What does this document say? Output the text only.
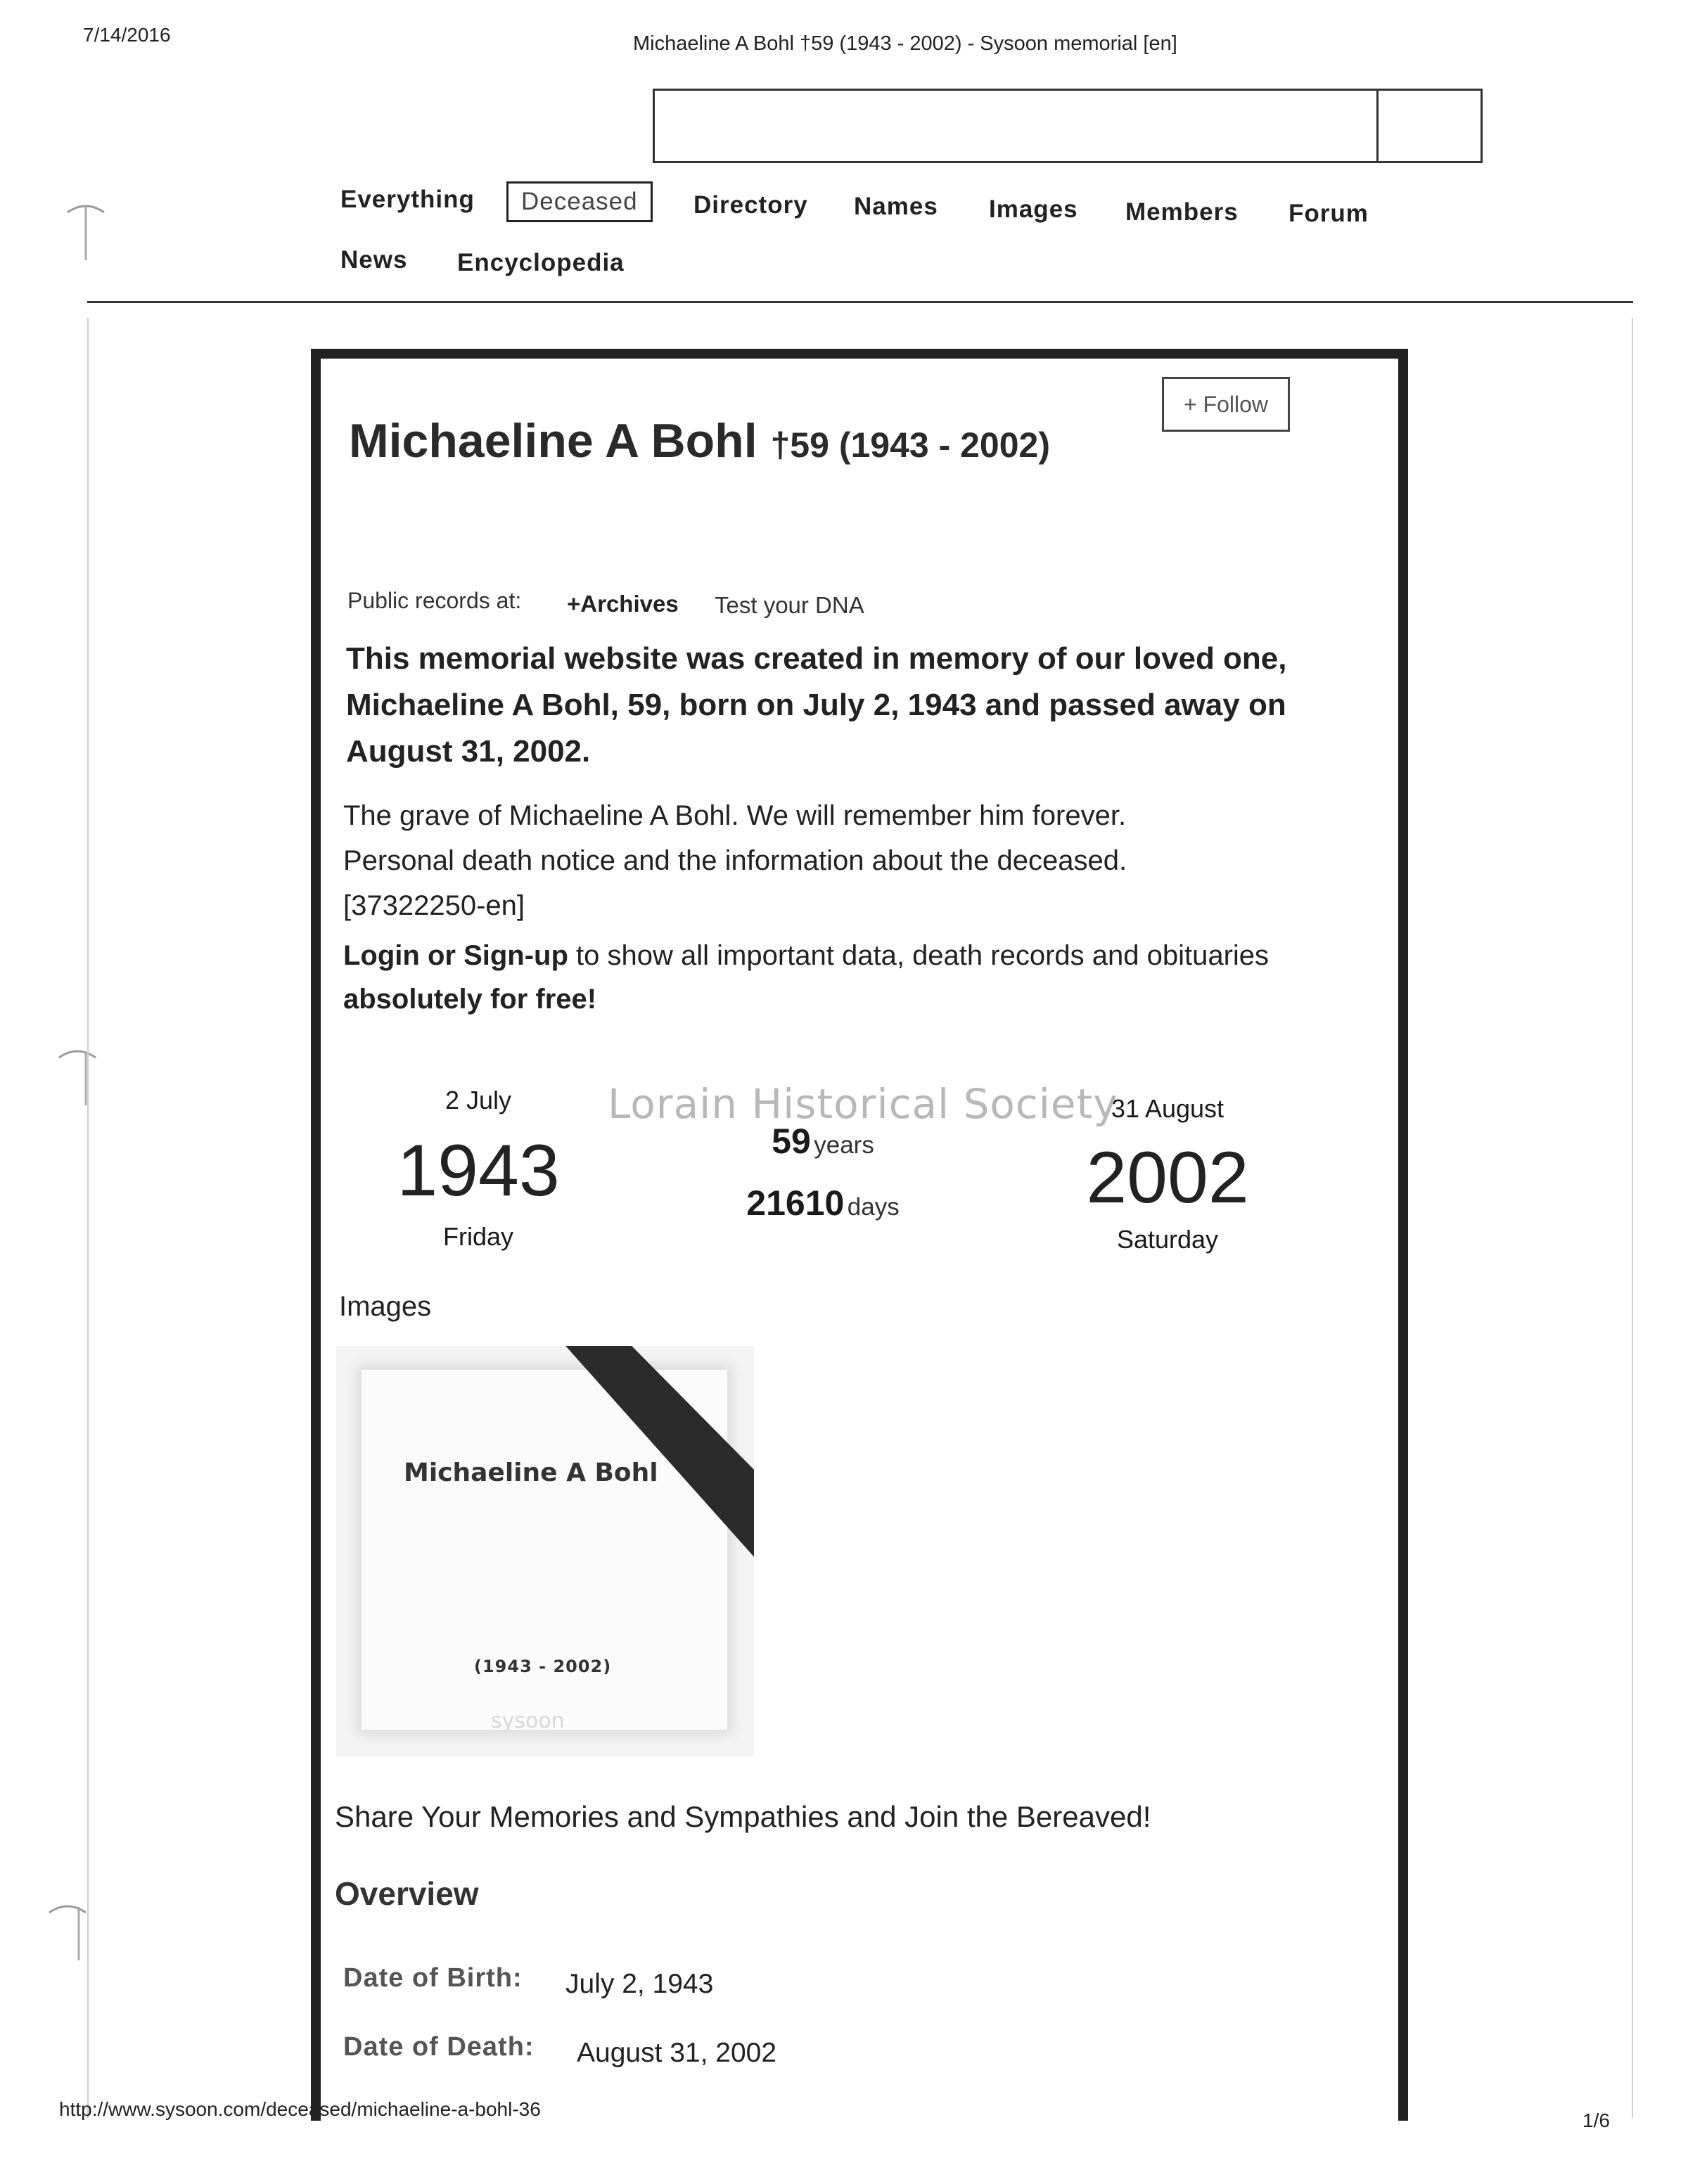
7/14/2016	Michaeline A Bohl †59 (1943 - 2002) - Sysoon memorial [en]
Everything	Deceased	Directory Names Images Members Forum
News Encyclopedia
+ Follow
Michaeline A Bohl †59 (1943 - 2002)
Public records at: +Archives Test your DNA
This memorial website was created in memory of our loved one, Michaeline A Bohl, 59, born on July 2, 1943 and passed away on August 31, 2002.
The grave of Michaeline A Bohl. We will remember him forever.
Personal death notice and the information about the deceased.
[37322250-en]
Login or Sign-up to show all important data, death records and obituaries absolutely for free!
2 July
1943
Friday
59 years
21610 days
31 August
2002
Saturday
Lorain Historical Society
Images
Michaeline A Bohl
(1943 - 2002)
sysoon
Share Your Memories and Sympathies and Join the Bereaved!
Overview
Date of Birth: July 2, 1943
Date of Death: August 31, 2002
http://www.sysoon.com/deceased/michaeline-a-bohl-36
1/6
